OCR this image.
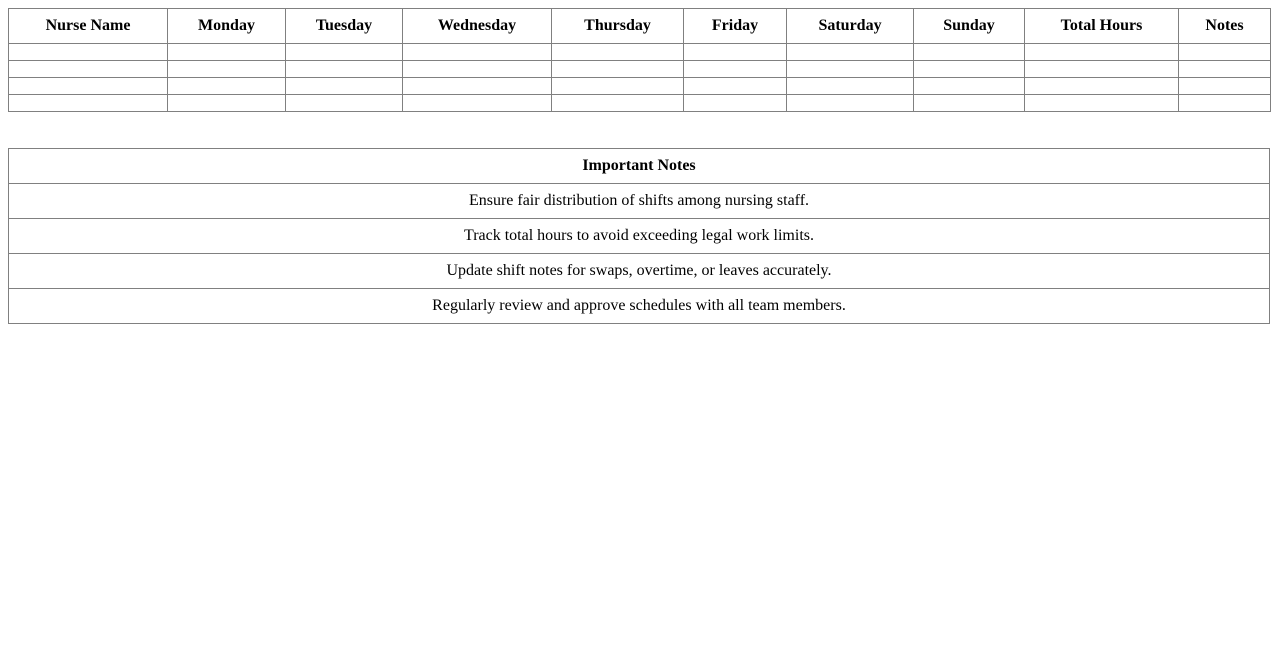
Nurse Name	Monday	Tuesday	Wednesday	Thursday	Friday	Saturday	Sunday	Total Hours	Notes

Important Notes
Ensure fair distribution of shifts among nursing staff.
Track total hours to avoid exceeding legal work limits.
Update shift notes for swaps, overtime, or leaves accurately.
Regularly review and approve schedules with all team members.
